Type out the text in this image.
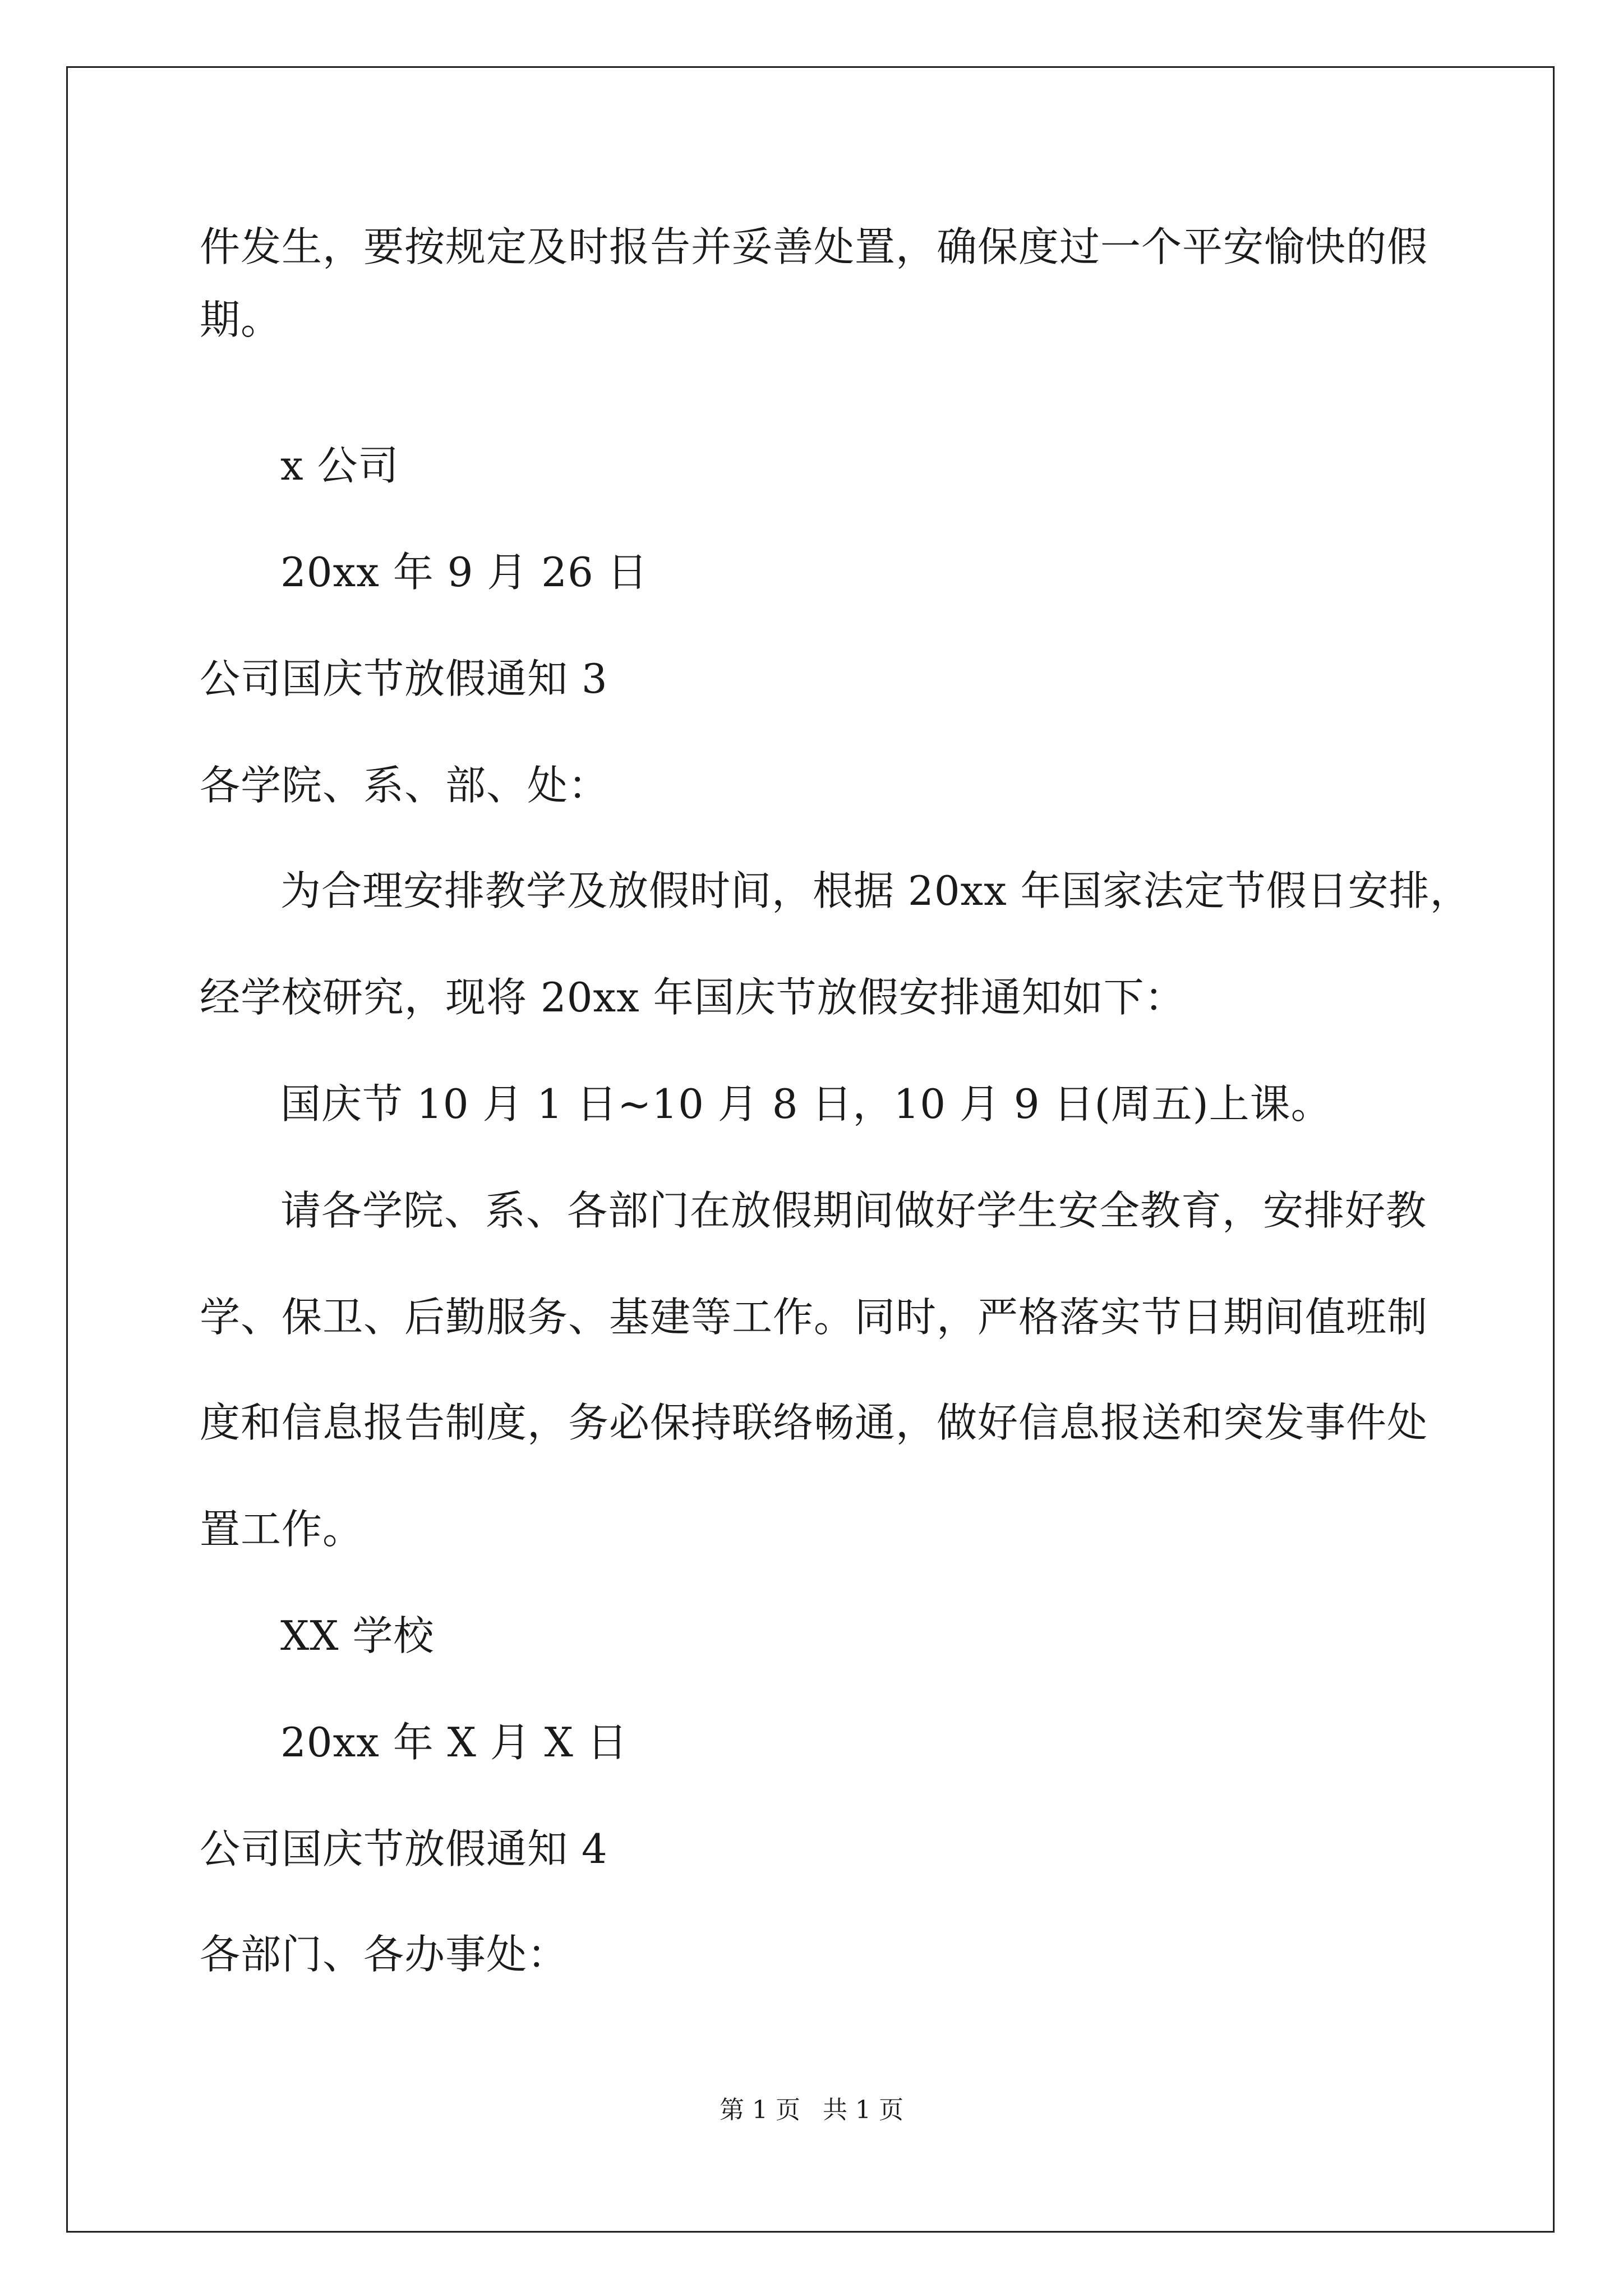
件发生，要按规定及时报告并妥善处置，确保度过一个平安愉快的假
期。
x 公司
20xx 年 9 月 26 日
公司国庆节放假通知 3
各学院、系、部、处：
为合理安排教学及放假时间，根据 20xx 年国家法定节假日安排，
经学校研究，现将 20xx 年国庆节放假安排通知如下：
国庆节 10 月 1 日~10 月 8 日，10 月 9 日(周五)上课。
请各学院、系、各部门在放假期间做好学生安全教育，安排好教
学、保卫、后勤服务、基建等工作。同时，严格落实节日期间值班制
度和信息报告制度，务必保持联络畅通，做好信息报送和突发事件处
置工作。
XX 学校
20xx 年 X 月 X 日
公司国庆节放假通知 4
各部门、各办事处：
第 1 页 共 1 页
